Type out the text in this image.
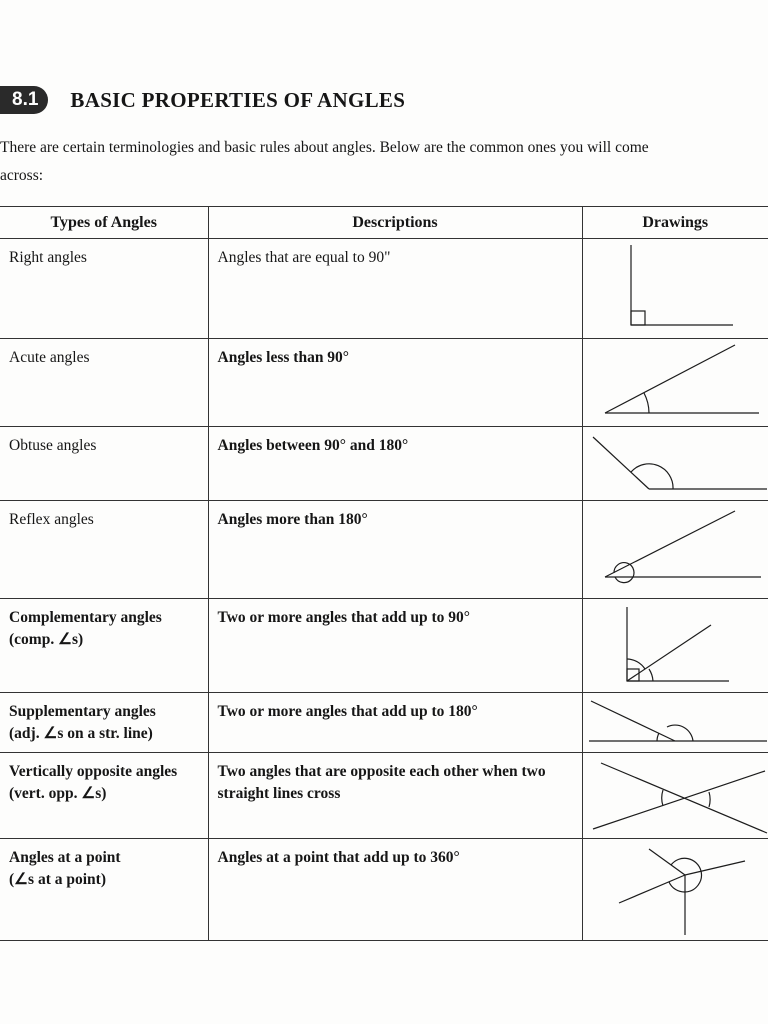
8.1	BASIC PROPERTIES OF ANGLES

There are certain terminologies and basic rules about angles. Below are the common ones you will come

across:

Types of Angles	Descriptions	Drawings

Right angles	Angles that are equal to 90"

Acute angles	Angles less than 90°

Obtuse angles	Angles between 90° and 180°

Reflex angles	Angles more than 180°

Complementary angles
(comp. ∠s)	Two or more angles that add up to 90°

Supplementary angles
(adj. ∠s on a str. line)	Two or more angles that add up to 180°

Vertically opposite angles
(vert. opp. ∠s)	Two angles that are opposite each other when two straight lines cross

Angles at a point
(∠s at a point)	Angles at a point that add up to 360°
